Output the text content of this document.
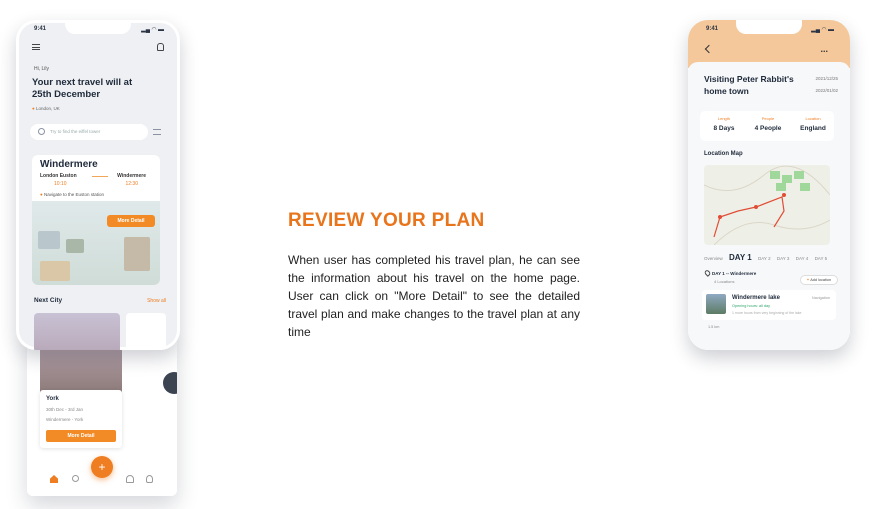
York
30th Dec - 3rd Jan
Windermere - York
More Detail
+
9:41	▂▄ ◠ ▬
Hi, Lily
Your next travel will at 25th December
● London, UK
Try to find the eiffel tower
Windermere
London Euston	Windermere
10:10	12:30
● Navigate to the Euston station
More Detail
Next City	Show all
REVIEW YOUR PLAN
When user has completed his travel plan, he can see the information about his travel on the home page. User can click on "More Detail" to see the detailed travel plan and make changes to the travel plan at any time
9:41	▂▄ ◠ ▬
...
Visiting Peter Rabbit's home town
2021/12/25
2022/01/02
Length
8 Days
People
4 People
Location
England
Location Map
Overview DAY 1 DAY 2 DAY 3 DAY 4 DAY 5
DAY 1 -- Windermere
4 Locations	+ Add location
Windermere lake
Opening hours: all day
1 more hours from very beginning of the lake
Navigation
1.5 km
